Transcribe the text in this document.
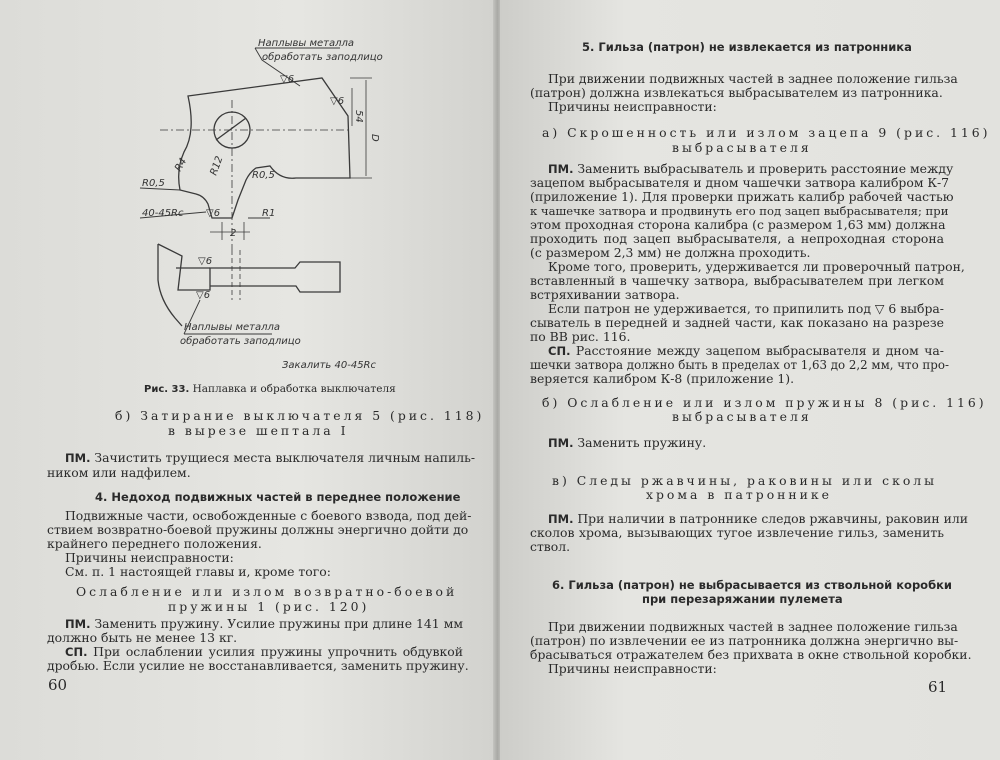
Наплывы металла
обработать заподлицо
54
D
▽6
▽6
R4 R12
R0,5
R0,5
40-45Rc ▽6	R1
2
▽6
▽6
Наплывы металла
обработать заподлицо
Закалить 40-45Rc
Рис. 33. Наплавка и обработка выключателя
б) Затирание выключателя 5 (рис. 118)
в вырезе шептала I
ПМ. Зачистить трущиеся места выключателя личным напиль-
ником или надфилем.
4. Недоход подвижных частей в переднее положение
Подвижные части, освобожденные с боевого взвода, под дей-
ствием возвратно-боевой пружины должны энергично дойти до
крайнего переднего положения.
Причины неисправности:
См. п. 1 настоящей главы и, кроме того:
Ослабление или излом возвратно-боевой
пружины 1 (рис. 120)
ПМ. Заменить пружину. Усилие пружины при длине 141 мм
должно быть не менее 13 кг.
СП. При ослаблении усилия пружины упрочнить обдувкой
дробью. Если усилие не восстанавливается, заменить пружину.
60
5. Гильза (патрон) не извлекается из патронника
При движении подвижных частей в заднее положение гильза
(патрон) должна извлекаться выбрасывателем из патронника.
Причины неисправности:
а) Скрошенность или излом зацепа 9 (рис. 116)
выбрасывателя
ПМ. Заменить выбрасыватель и проверить расстояние между
зацепом выбрасывателя и дном чашечки затвора калибром К-7
(приложение 1). Для проверки прижать калибр рабочей частью
к чашечке затвора и продвинуть его под зацеп выбрасывателя; при
этом проходная сторона калибра (с размером 1,63 мм) должна
проходить под зацеп выбрасывателя, а непроходная сторона
(с размером 2,3 мм) не должна проходить.
Кроме того, проверить, удерживается ли проверочный патрон,
вставленный в чашечку затвора, выбрасывателем при легком
встряхивании затвора.
Если патрон не удерживается, то припилить под ▽ 6 выбра-
сыватель в передней и задней части, как показано на разрезе
по ВВ рис. 116.
СП. Расстояние между зацепом выбрасывателя и дном ча-
шечки затвора должно быть в пределах от 1,63 до 2,2 мм, что про-
веряется калибром К-8 (приложение 1).
б) Ослабление или излом пружины 8 (рис. 116)
выбрасывателя
ПМ. Заменить пружину.
в) Следы ржавчины, раковины или сколы
хрома в патроннике
ПМ. При наличии в патроннике следов ржавчины, раковин или
сколов хрома, вызывающих тугое извлечение гильз, заменить
ствол.
6. Гильза (патрон) не выбрасывается из ствольной коробки
при перезаряжании пулемета
При движении подвижных частей в заднее положение гильза
(патрон) по извлечении ее из патронника должна энергично вы-
брасываться отражателем без прихвата в окне ствольной коробки.
Причины неисправности:
61
